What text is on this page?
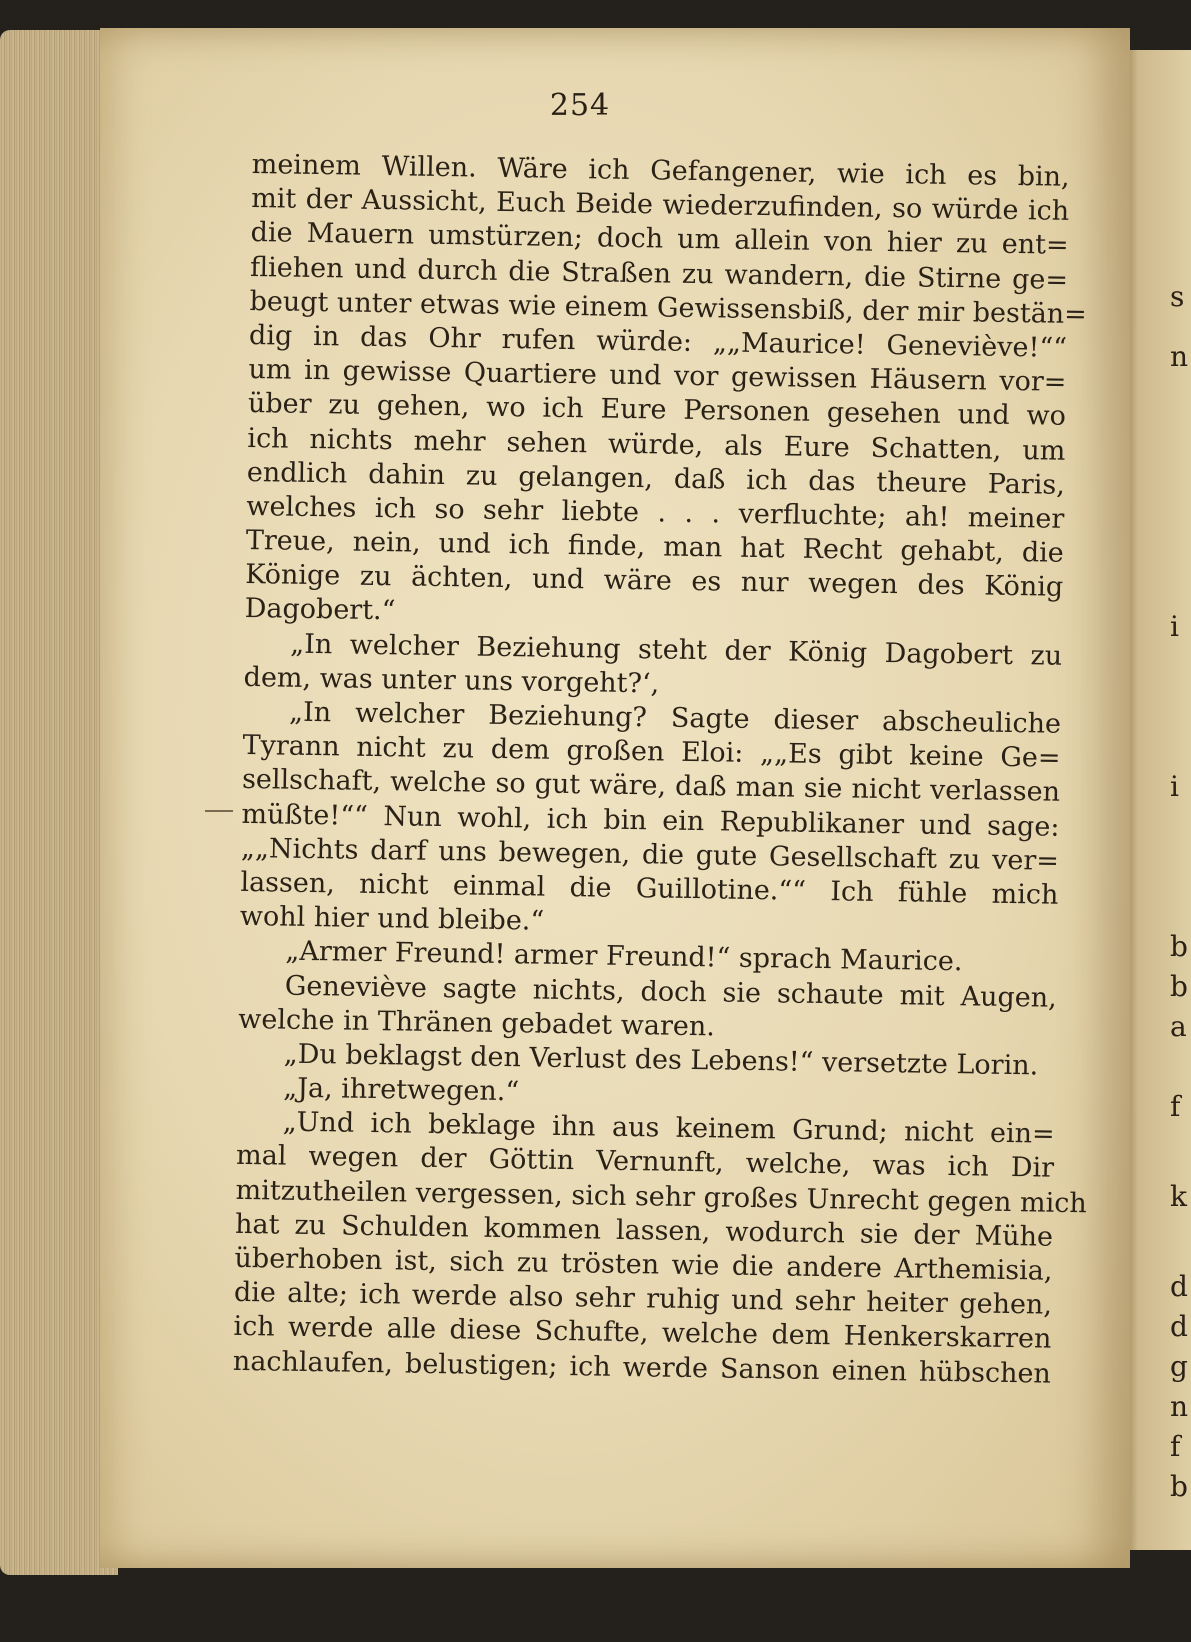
s
n
i
i
b
b
a
f
k
d
d
g
n
f
b
254
meinem Willen. Wäre ich Gefangener, wie ich es bin,
mit der Aussicht, Euch Beide wiederzufinden, so würde ich
die Mauern umstürzen; doch um allein von hier zu ent=
fliehen und durch die Straßen zu wandern, die Stirne ge=
beugt unter etwas wie einem Gewissensbiß, der mir bestän=
dig in das Ohr rufen würde: „„Maurice! Geneviève!““
um in gewisse Quartiere und vor gewissen Häusern vor=
über zu gehen, wo ich Eure Personen gesehen und wo
ich nichts mehr sehen würde, als Eure Schatten, um
endlich dahin zu gelangen, daß ich das theure Paris,
welches ich so sehr liebte . . . verfluchte; ah! meiner
Treue, nein, und ich finde, man hat Recht gehabt, die
Könige zu ächten, und wäre es nur wegen des König
Dagobert.“
„In welcher Beziehung steht der König Dagobert zu
dem, was unter uns vorgeht?‘,
„In welcher Beziehung? Sagte dieser abscheuliche
Tyrann nicht zu dem großen Eloi: „„Es gibt keine Ge=
sellschaft, welche so gut wäre, daß man sie nicht verlassen
müßte!““ Nun wohl, ich bin ein Republikaner und sage:
„„Nichts darf uns bewegen, die gute Gesellschaft zu ver=
lassen, nicht einmal die Guillotine.““ Ich fühle mich
wohl hier und bleibe.“
„Armer Freund! armer Freund!“ sprach Maurice.
Geneviève sagte nichts, doch sie schaute mit Augen,
welche in Thränen gebadet waren.
„Du beklagst den Verlust des Lebens!“ versetzte Lorin.
„Ja, ihretwegen.“
„Und ich beklage ihn aus keinem Grund; nicht ein=
mal wegen der Göttin Vernunft, welche, was ich Dir
mitzutheilen vergessen, sich sehr großes Unrecht gegen mich
hat zu Schulden kommen lassen, wodurch sie der Mühe
überhoben ist, sich zu trösten wie die andere Arthemisia,
die alte; ich werde also sehr ruhig und sehr heiter gehen,
ich werde alle diese Schufte, welche dem Henkerskarren
nachlaufen, belustigen; ich werde Sanson einen hübschen
